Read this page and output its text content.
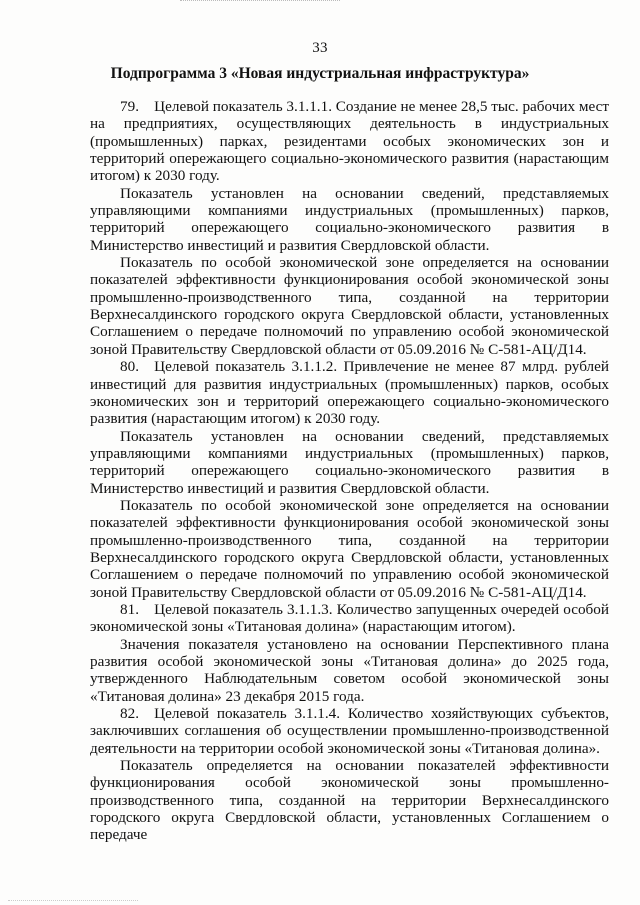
33
Подпрограмма 3 «Новая индустриальная инфраструктура»

79. Целевой показатель 3.1.1.1. Создание не менее 28,5 тыс. рабочих мест на предприятиях, осуществляющих деятельность в индустриальных (промышленных) парках, резидентами особых экономических зон и территорий опережающего социально-экономического развития (нарастающим итогом) к 2030 году.

Показатель установлен на основании сведений, представляемых управляющими компаниями индустриальных (промышленных) парков, территорий опережающего социально-экономического развития в Министерство инвестиций и развития Свердловской области.

Показатель по особой экономической зоне определяется на основании показателей эффективности функционирования особой экономической зоны промышленно-производственного типа, созданной на территории Верхнесалдинского городского округа Свердловской области, установленных Соглашением о передаче полномочий по управлению особой экономической зоной Правительству Свердловской области от 05.09.2016 № С-581-АЦ/Д14.

80. Целевой показатель 3.1.1.2. Привлечение не менее 87 млрд. рублей инвестиций для развития индустриальных (промышленных) парков, особых экономических зон и территорий опережающего социально-экономического развития (нарастающим итогом) к 2030 году.

Показатель установлен на основании сведений, представляемых управляющими компаниями индустриальных (промышленных) парков, территорий опережающего социально-экономического развития в Министерство инвестиций и развития Свердловской области.

Показатель по особой экономической зоне определяется на основании показателей эффективности функционирования особой экономической зоны промышленно-производственного типа, созданной на территории Верхнесалдинского городского округа Свердловской области, установленных Соглашением о передаче полномочий по управлению особой экономической зоной Правительству Свердловской области от 05.09.2016 № С-581-АЦ/Д14.

81. Целевой показатель 3.1.1.3. Количество запущенных очередей особой экономической зоны «Титановая долина» (нарастающим итогом).

Значения показателя установлено на основании Перспективного плана развития особой экономической зоны «Титановая долина» до 2025 года, утвержденного Наблюдательным советом особой экономической зоны «Титановая долина» 23 декабря 2015 года.

82. Целевой показатель 3.1.1.4. Количество хозяйствующих субъектов, заключивших соглашения об осуществлении промышленно-производственной деятельности на территории особой экономической зоны «Титановая долина».

Показатель определяется на основании показателей эффективности функционирования особой экономической зоны промышленно-производственного типа, созданной на территории Верхнесалдинского городского округа Свердловской области, установленных Соглашением о передаче
